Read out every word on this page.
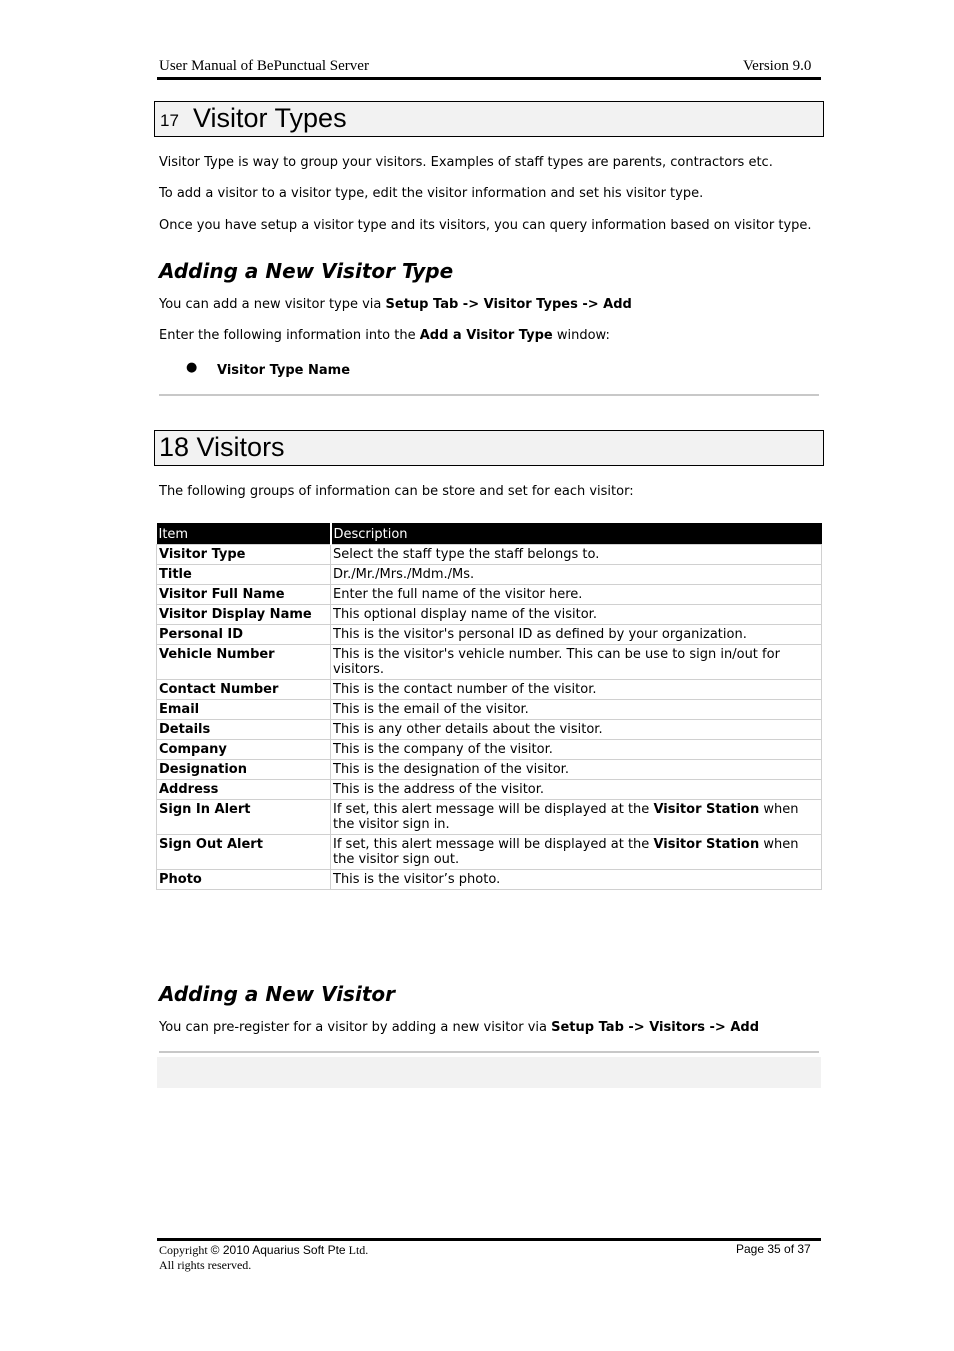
User Manual of BePunctual Server	Version 9.0
17 Visitor Types
Visitor Type is way to group your visitors. Examples of staff types are parents, contractors etc.
To add a visitor to a visitor type, edit the visitor information and set his visitor type.
Once you have setup a visitor type and its visitors, you can query information based on visitor type.
Adding a New Visitor Type
You can add a new visitor type via Setup Tab -> Visitor Types -> Add
Enter the following information into the Add a Visitor Type window:
● Visitor Type Name
18 Visitors
The following groups of information can be store and set for each visitor:
Item	Description
Visitor Type	Select the staff type the staff belongs to.
Title	Dr./Mr./Mrs./Mdm./Ms.
Visitor Full Name	Enter the full name of the visitor here.
Visitor Display Name	This optional display name of the visitor.
Personal ID	This is the visitor's personal ID as defined by your organization.
Vehicle Number	This is the visitor's vehicle number. This can be use to sign in/out for visitors.
Contact Number	This is the contact number of the visitor.
Email	This is the email of the visitor.
Details	This is any other details about the visitor.
Company	This is the company of the visitor.
Designation	This is the designation of the visitor.
Address	This is the address of the visitor.
Sign In Alert	If set, this alert message will be displayed at the Visitor Station when the visitor sign in.
Sign Out Alert	If set, this alert message will be displayed at the Visitor Station when the visitor sign out.
Photo	This is the visitor’s photo.
Adding a New Visitor
You can pre-register for a visitor by adding a new visitor via Setup Tab -> Visitors -> Add
Copyright © 2010 Aquarius Soft Pte Ltd.
All rights reserved.
Page 35 of 37
